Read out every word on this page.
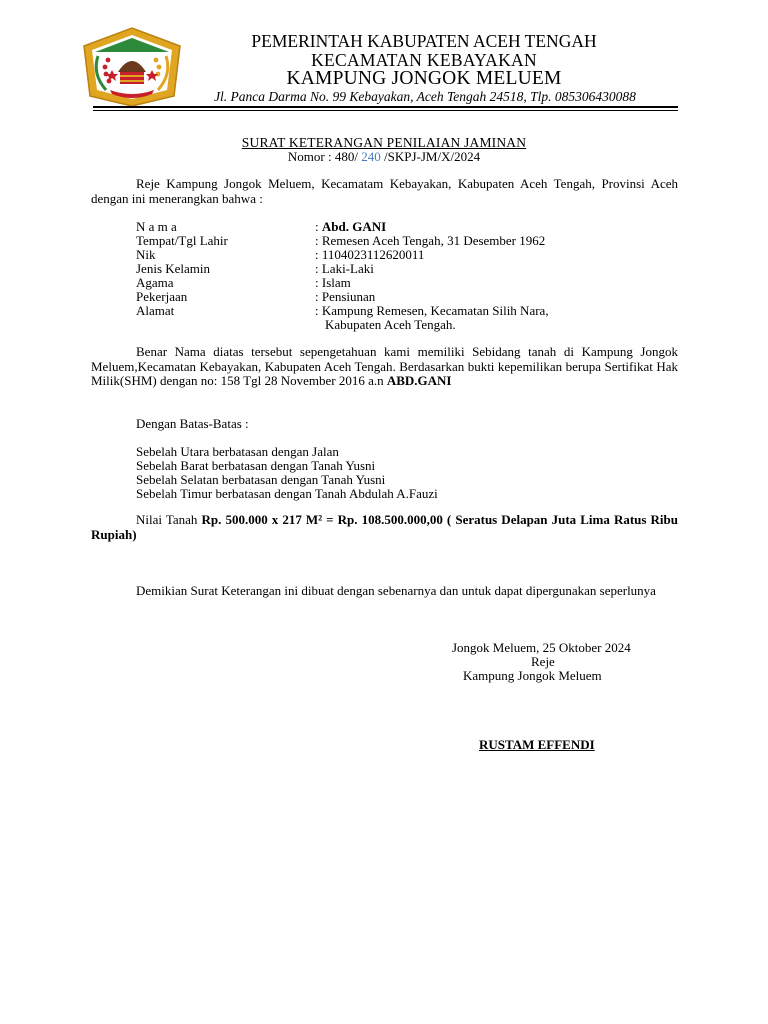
PEMERINTAH KABUPATEN ACEH TENGAH
KECAMATAN KEBAYAKAN
KAMPUNG JONGOK MELUEM
Jl. Panca Darma No. 99 Kebayakan, Aceh Tengah 24518, Tlp. 085306430088
SURAT KETERANGAN PENILAIAN JAMINAN
Nomor : 480/ 240 /SKPJ-JM/X/2024
Reje Kampung Jongok Meluem, Kecamatam Kebayakan, Kabupaten Aceh Tengah, Provinsi Aceh dengan ini menerangkan bahwa :
N a m a	: Abd. GANI
Tempat/Tgl Lahir	: Remesen Aceh Tengah, 31 Desember 1962
Nik	: 1104023112620011
Jenis Kelamin	: Laki-Laki
Agama	: Islam
Pekerjaan	: Pensiunan
Alamat	: Kampung Remesen, Kecamatan Silih Nara,
Kabupaten Aceh Tengah.
Benar Nama diatas tersebut sepengetahuan kami memiliki Sebidang tanah di Kampung Jongok Meluem,Kecamatan Kebayakan, Kabupaten Aceh Tengah. Berdasarkan bukti kepemilikan berupa Sertifikat Hak Milik(SHM) dengan no: 158 Tgl 28 November 2016 a.n ABD.GANI
Dengan Batas-Batas :
Sebelah Utara berbatasan dengan Jalan
Sebelah Barat berbatasan dengan Tanah Yusni
Sebelah Selatan berbatasan dengan Tanah Yusni
Sebelah Timur berbatasan dengan Tanah Abdulah A.Fauzi
Nilai Tanah Rp. 500.000 x 217 M² = Rp. 108.500.000,00 ( Seratus Delapan Juta Lima Ratus Ribu Rupiah)
Demikian Surat Keterangan ini dibuat dengan sebenarnya dan untuk dapat dipergunakan seperlunya
Jongok Meluem, 25 Oktober 2024
Reje
Kampung Jongok Meluem
RUSTAM EFFENDI
